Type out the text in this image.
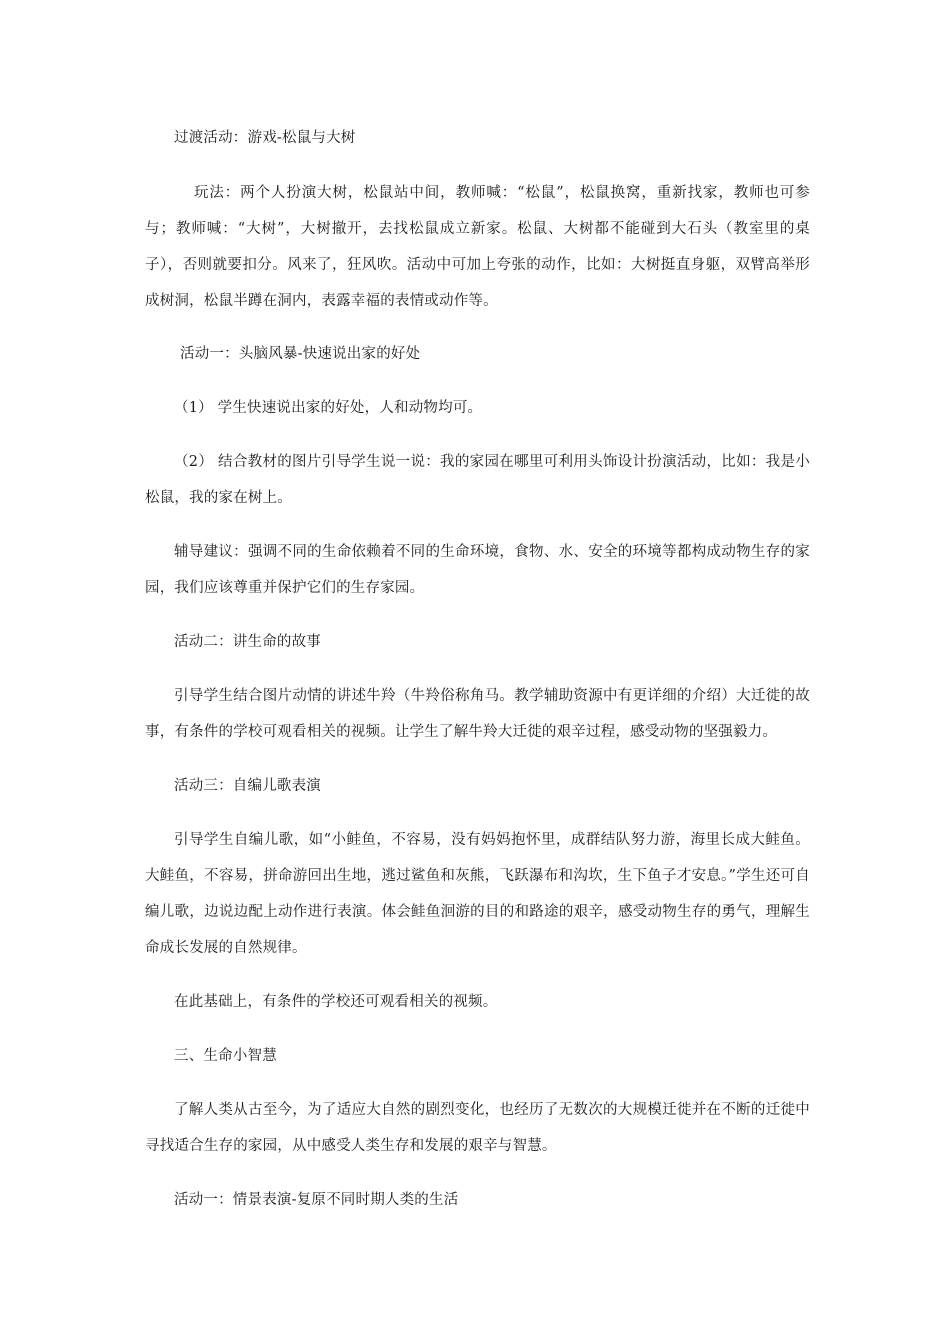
过渡活动：游戏-松鼠与大树

玩法：两个人扮演大树，松鼠站中间，教师喊：“松鼠”，松鼠换窝，重新找家，教师也可参与；教师喊：“大树”，大树撤开，去找松鼠成立新家。松鼠、大树都不能碰到大石头（教室里的桌子），否则就要扣分。风来了，狂风吹。活动中可加上夸张的动作，比如：大树挺直身躯，双臂高举形成树洞，松鼠半蹲在洞内，表露幸福的表情或动作等。

活动一：头脑风暴-快速说出家的好处

（1） 学生快速说出家的好处，人和动物均可。

（2） 结合教材的图片引导学生说一说：我的家园在哪里可利用头饰设计扮演活动，比如：我是小松鼠，我的家在树上。

辅导建议：强调不同的生命依赖着不同的生命环境，食物、水、安全的环境等都构成动物生存的家园，我们应该尊重并保护它们的生存家园。

活动二：讲生命的故事

引导学生结合图片动情的讲述牛羚（牛羚俗称角马。教学辅助资源中有更详细的介绍）大迁徙的故事，有条件的学校可观看相关的视频。让学生了解牛羚大迁徙的艰辛过程，感受动物的坚强毅力。

活动三：自编儿歌表演

引导学生自编儿歌，如“小鲑鱼，不容易，没有妈妈抱怀里，成群结队努力游，海里长成大鲑鱼。大鲑鱼，不容易，拼命游回出生地，逃过鲨鱼和灰熊，飞跃瀑布和沟坎，生下鱼子才安息。”学生还可自编儿歌，边说边配上动作进行表演。体会鲑鱼洄游的目的和路途的艰辛，感受动物生存的勇气，理解生命成长发展的自然规律。

在此基础上，有条件的学校还可观看相关的视频。

三、生命小智慧

了解人类从古至今，为了适应大自然的剧烈变化，也经历了无数次的大规模迁徙并在不断的迁徙中寻找适合生存的家园，从中感受人类生存和发展的艰辛与智慧。

活动一：情景表演-复原不同时期人类的生活
